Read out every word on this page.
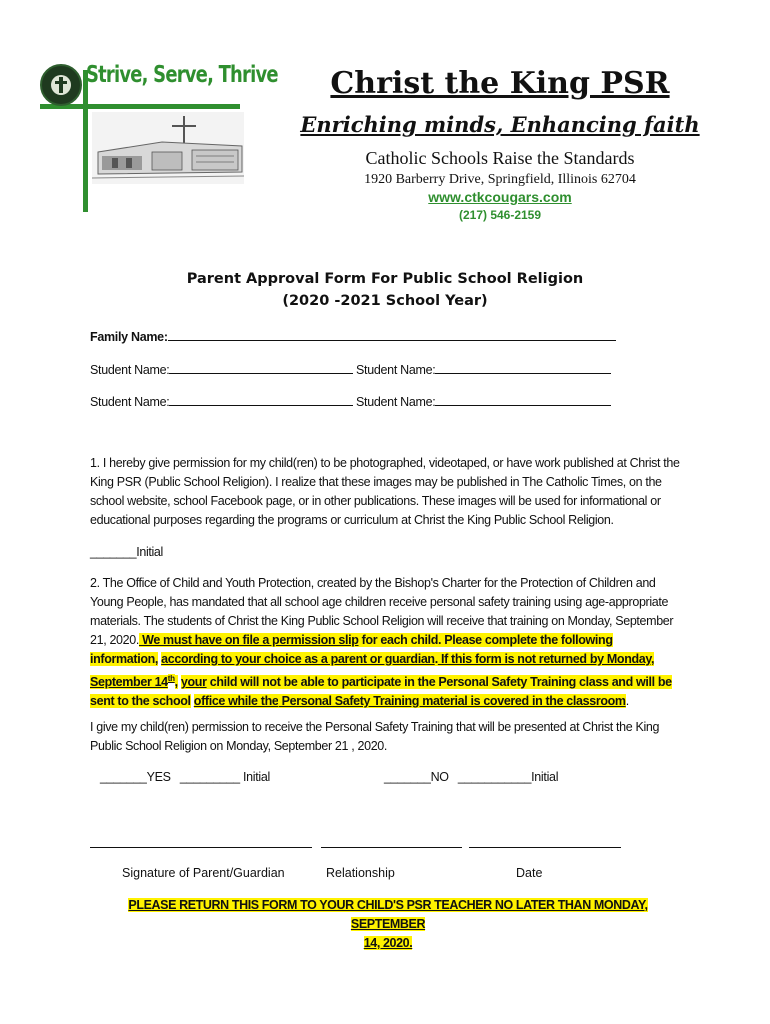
Strive, Serve, Thrive	Christ the King PSR
Enriching minds, Enhancing faith
Catholic Schools Raise the Standards
1920 Barberry Drive, Springfield, Illinois 62704
www.ctkcougars.com
(217) 546-2159
Parent Approval Form For Public School Religion
(2020 -2021 School Year)
Family Name:
Student Name:	Student Name:
Student Name:	Student Name:
1. I hereby give permission for my child(ren) to be photographed, videotaped, or have work published at Christ the King PSR (Public School Religion). I realize that these images may be published in The Catholic Times, on the school website, school Facebook page, or in other publications. These images will be used for informational or educational purposes regarding the programs or curriculum at Christ the King Public School Religion.
_______Initial
2. The Office of Child and Youth Protection, created by the Bishop's Charter for the Protection of Children and Young People, has mandated that all school age children receive personal safety training using age-appropriate materials. The students of Christ the King Public School Religion will receive that training on Monday, September 21, 2020. We must have on file a permission slip for each child. Please complete the following information, according to your choice as a parent or guardian. If this form is not returned by Monday, September 14th, your child will not be able to participate in the Personal Safety Training class and will be sent to the school office while the Personal Safety Training material is covered in the classroom.
I give my child(ren) permission to receive the Personal Safety Training that will be presented at Christ the King Public School Religion on Monday, September 21 , 2020.
_______YES _________ Initial	_______NO ___________Initial
Signature of Parent/Guardian	Relationship	Date
PLEASE RETURN THIS FORM TO YOUR CHILD'S PSR TEACHER NO LATER THAN MONDAY, SEPTEMBER
14, 2020.
